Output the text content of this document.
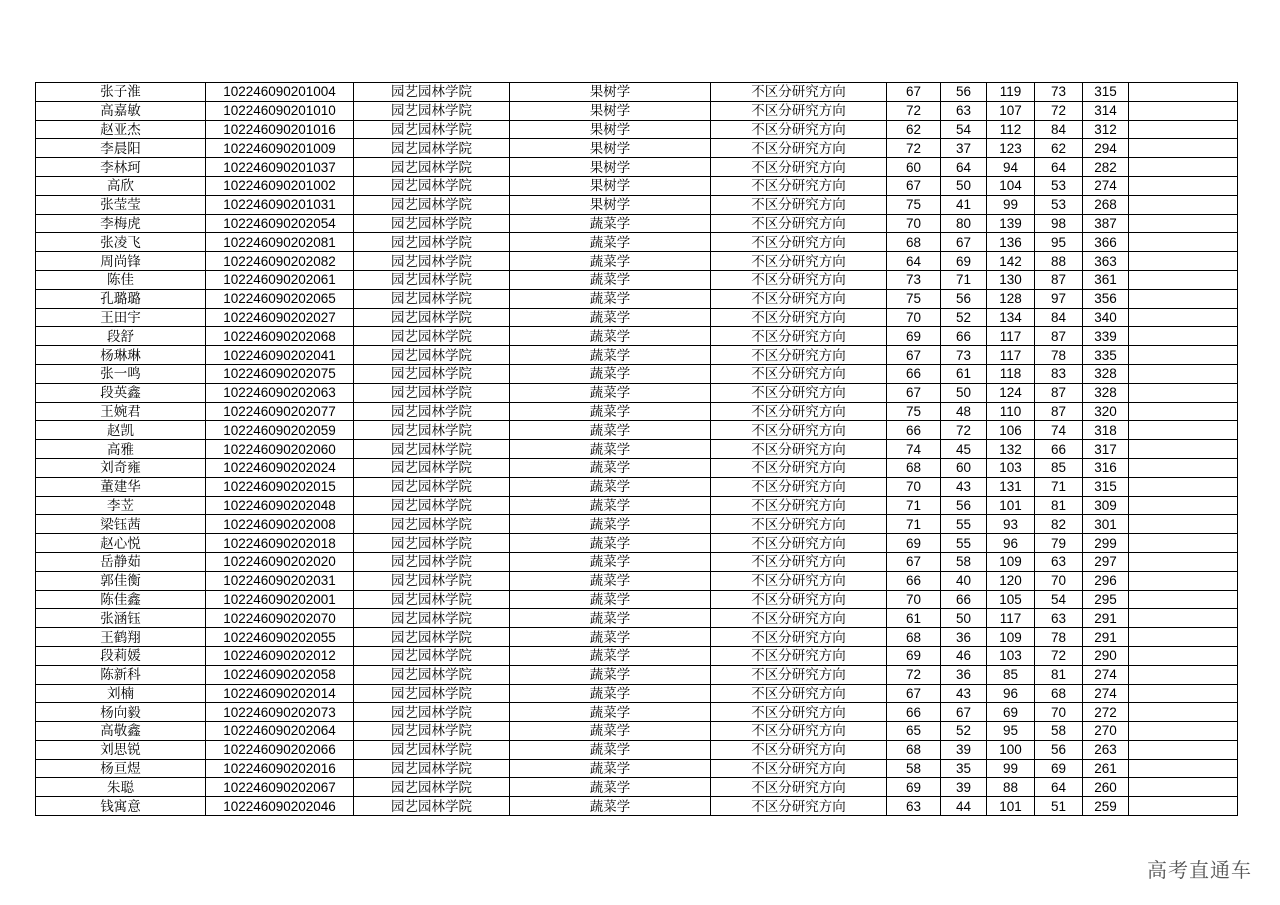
张子淮	102246090201004	园艺园林学院	果树学	不区分研究方向	67	56	119	73	315	
高嘉敏	102246090201010	园艺园林学院	果树学	不区分研究方向	72	63	107	72	314	
赵亚杰	102246090201016	园艺园林学院	果树学	不区分研究方向	62	54	112	84	312	
李晨阳	102246090201009	园艺园林学院	果树学	不区分研究方向	72	37	123	62	294	
李林珂	102246090201037	园艺园林学院	果树学	不区分研究方向	60	64	94	64	282	
高欣	102246090201002	园艺园林学院	果树学	不区分研究方向	67	50	104	53	274	
张莹莹	102246090201031	园艺园林学院	果树学	不区分研究方向	75	41	99	53	268	
李梅虎	102246090202054	园艺园林学院	蔬菜学	不区分研究方向	70	80	139	98	387	
张凌飞	102246090202081	园艺园林学院	蔬菜学	不区分研究方向	68	67	136	95	366	
周尚锋	102246090202082	园艺园林学院	蔬菜学	不区分研究方向	64	69	142	88	363	
陈佳	102246090202061	园艺园林学院	蔬菜学	不区分研究方向	73	71	130	87	361	
孔璐璐	102246090202065	园艺园林学院	蔬菜学	不区分研究方向	75	56	128	97	356	
王田宇	102246090202027	园艺园林学院	蔬菜学	不区分研究方向	70	52	134	84	340	
段舒	102246090202068	园艺园林学院	蔬菜学	不区分研究方向	69	66	117	87	339	
杨琳琳	102246090202041	园艺园林学院	蔬菜学	不区分研究方向	67	73	117	78	335	
张一鸣	102246090202075	园艺园林学院	蔬菜学	不区分研究方向	66	61	118	83	328	
段英鑫	102246090202063	园艺园林学院	蔬菜学	不区分研究方向	67	50	124	87	328	
王婉君	102246090202077	园艺园林学院	蔬菜学	不区分研究方向	75	48	110	87	320	
赵凯	102246090202059	园艺园林学院	蔬菜学	不区分研究方向	66	72	106	74	318	
高雅	102246090202060	园艺园林学院	蔬菜学	不区分研究方向	74	45	132	66	317	
刘奇雍	102246090202024	园艺园林学院	蔬菜学	不区分研究方向	68	60	103	85	316	
董建华	102246090202015	园艺园林学院	蔬菜学	不区分研究方向	70	43	131	71	315	
李苙	102246090202048	园艺园林学院	蔬菜学	不区分研究方向	71	56	101	81	309	
梁钰茜	102246090202008	园艺园林学院	蔬菜学	不区分研究方向	71	55	93	82	301	
赵心悦	102246090202018	园艺园林学院	蔬菜学	不区分研究方向	69	55	96	79	299	
岳静茹	102246090202020	园艺园林学院	蔬菜学	不区分研究方向	67	58	109	63	297	
郭佳衡	102246090202031	园艺园林学院	蔬菜学	不区分研究方向	66	40	120	70	296	
陈佳鑫	102246090202001	园艺园林学院	蔬菜学	不区分研究方向	70	66	105	54	295	
张涵钰	102246090202070	园艺园林学院	蔬菜学	不区分研究方向	61	50	117	63	291	
王鹤翔	102246090202055	园艺园林学院	蔬菜学	不区分研究方向	68	36	109	78	291	
段莉媛	102246090202012	园艺园林学院	蔬菜学	不区分研究方向	69	46	103	72	290	
陈新科	102246090202058	园艺园林学院	蔬菜学	不区分研究方向	72	36	85	81	274	
刘楠	102246090202014	园艺园林学院	蔬菜学	不区分研究方向	67	43	96	68	274	
杨向毅	102246090202073	园艺园林学院	蔬菜学	不区分研究方向	66	67	69	70	272	
高敬鑫	102246090202064	园艺园林学院	蔬菜学	不区分研究方向	65	52	95	58	270	
刘思锐	102246090202066	园艺园林学院	蔬菜学	不区分研究方向	68	39	100	56	263	
杨亘煜	102246090202016	园艺园林学院	蔬菜学	不区分研究方向	58	35	99	69	261	
朱聪	102246090202067	园艺园林学院	蔬菜学	不区分研究方向	69	39	88	64	260	
钱寓意	102246090202046	园艺园林学院	蔬菜学	不区分研究方向	63	44	101	51	259	
高考直通车
